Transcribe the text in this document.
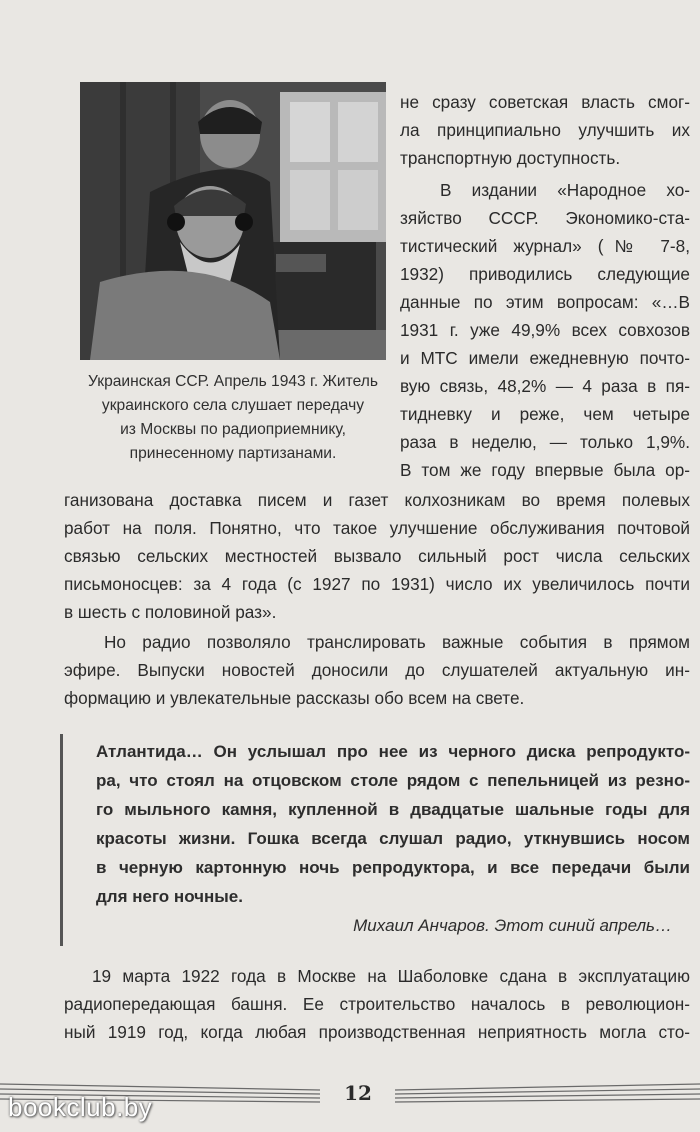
Украинская ССР. Апрель 1943 г. Житель
украинского села слушает передачу
из Москвы по радиоприемнику,
принесенному партизанами.
не сразу советская власть смог-
ла принципиально улучшить их
транспортную доступность.
В издании «Народное хо-
зяйство СССР. Экономико-ста-
тистический журнал» (№ 7-8,
1932) приводились следующие
данные по этим вопросам: «…В
1931 г. уже 49,9% всех совхозов
и МТС имели ежедневную почто-
вую связь, 48,2% — 4 раза в пя-
тидневку и реже, чем четыре
раза в неделю, — только 1,9%.
В том же году впервые была ор-
ганизована доставка писем и газет колхозникам во время полевых
работ на поля. Понятно, что такое улучшение обслуживания почтовой
связью сельских местностей вызвало сильный рост числа сельских
письмоносцев: за 4 года (с 1927 по 1931) число их увеличилось почти
в шесть с половиной раз».
Но радио позволяло транслировать важные события в прямом
эфире. Выпуски новостей доносили до слушателей актуальную ин-
формацию и увлекательные рассказы обо всем на свете.
Атлантида… Он услышал про нее из черного диска репродукто-
ра, что стоял на отцовском столе рядом с пепельницей из резно-
го мыльного камня, купленной в двадцатые шальные годы для
красоты жизни. Гошка всегда слушал радио, уткнувшись носом
в черную картонную ночь репродуктора, и все передачи были
для него ночные.
Михаил Анчаров. Этот синий апрель…
19 марта 1922 года в Москве на Шаболовке сдана в эксплуатацию
радиопередающая башня. Ее строительство началось в революцион-
ный 1919 год, когда любая производственная неприятность могла сто-
12
bookclub.by
